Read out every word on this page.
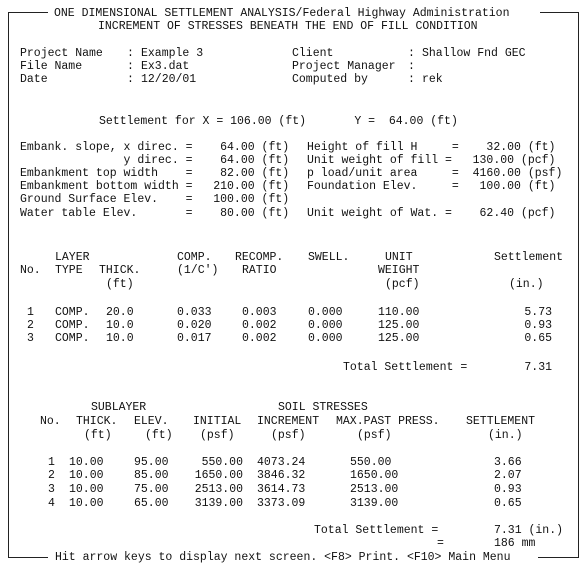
ONE DIMENSIONAL SETTLEMENT ANALYSIS/Federal Highway Administration
INCREMENT OF STRESSES BENEATH THE END OF FILL CONDITION
Project Name : Example 3
File Name	: Ex3.dat
Date	: 12/20/01
Client	: Shallow Fnd GEC
Project Manager :
Computed by	: rek
Settlement for X = 106.00 (ft)       Y =  64.00 (ft)
Embank. slope, x direc. =    64.00 (ft)
y direc. =    64.00 (ft)
Embankment top width    =    82.00 (ft)
Embankment bottom width =   210.00 (ft)
Ground Surface Elev.    =   100.00 (ft)
Water table Elev.       =    80.00 (ft)
Height of fill H     =    32.00 (ft)
Unit weight of fill =   130.00 (pcf)
p load/unit area     =  4160.00 (psf)
Foundation Elev.     =   100.00 (ft)
Unit weight of Wat. =    62.40 (pcf)
LAYER	COMP. RECOMP. SWELL.	UNIT	Settlement
No. TYPE THICK.	(1/C') RATIO	WEIGHT
(ft)	(pcf)	(in.)
1 COMP. 20.0	0.033	0.003	0.000	110.00	5.73
2 COMP. 10.0	0.020	0.002	0.000	125.00	0.93
3 COMP. 10.0	0.017	0.002	0.000	125.00	0.65
Total Settlement =	7.31
SUBLAYER	SOIL STRESSES
No. THICK. ELEV. INITIAL INCREMENT MAX.PAST PRESS. SETTLEMENT
(ft)	(ft) (psf)	(psf)	(psf)	(in.)
1 10.00	95.00	550.00 4073.24	550.00	3.66
2 10.00	85.00	1650.00 3846.32	1650.00	2.07
3 10.00	75.00	2513.00 3614.73	2513.00	0.93
4 10.00	65.00	3139.00 3373.09	3139.00	0.65
Total Settlement =	7.31 (in.)
=	186 mm
Hit arrow keys to display next screen. <F8> Print. <F10> Main Menu
